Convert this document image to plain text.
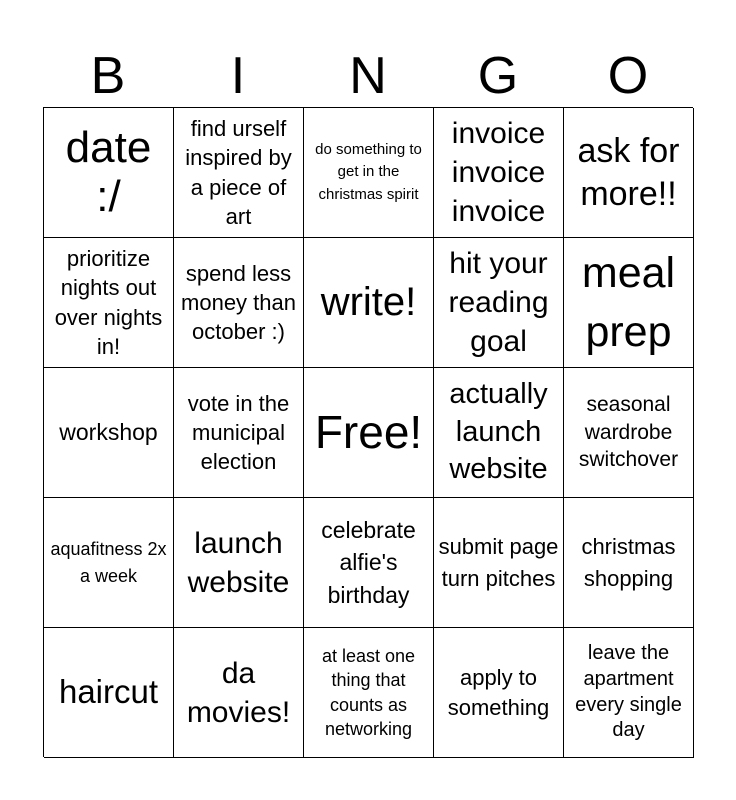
B	I	N	G	O
date
:/
find urself inspired by a piece of art
do something to get in the christmas spirit
invoice invoice invoice
ask for more!!
prioritize nights out over nights in!
spend less money than october :)
write!
hit your reading goal
meal prep
workshop
vote in the municipal election
Free!
actually launch website
seasonal wardrobe switchover
aquafitness 2x a week
launch website
celebrate alfie's birthday
submit page turn pitches
christmas shopping
haircut
da movies!
at least one thing that counts as networking
apply to something
leave the apartment every single day
